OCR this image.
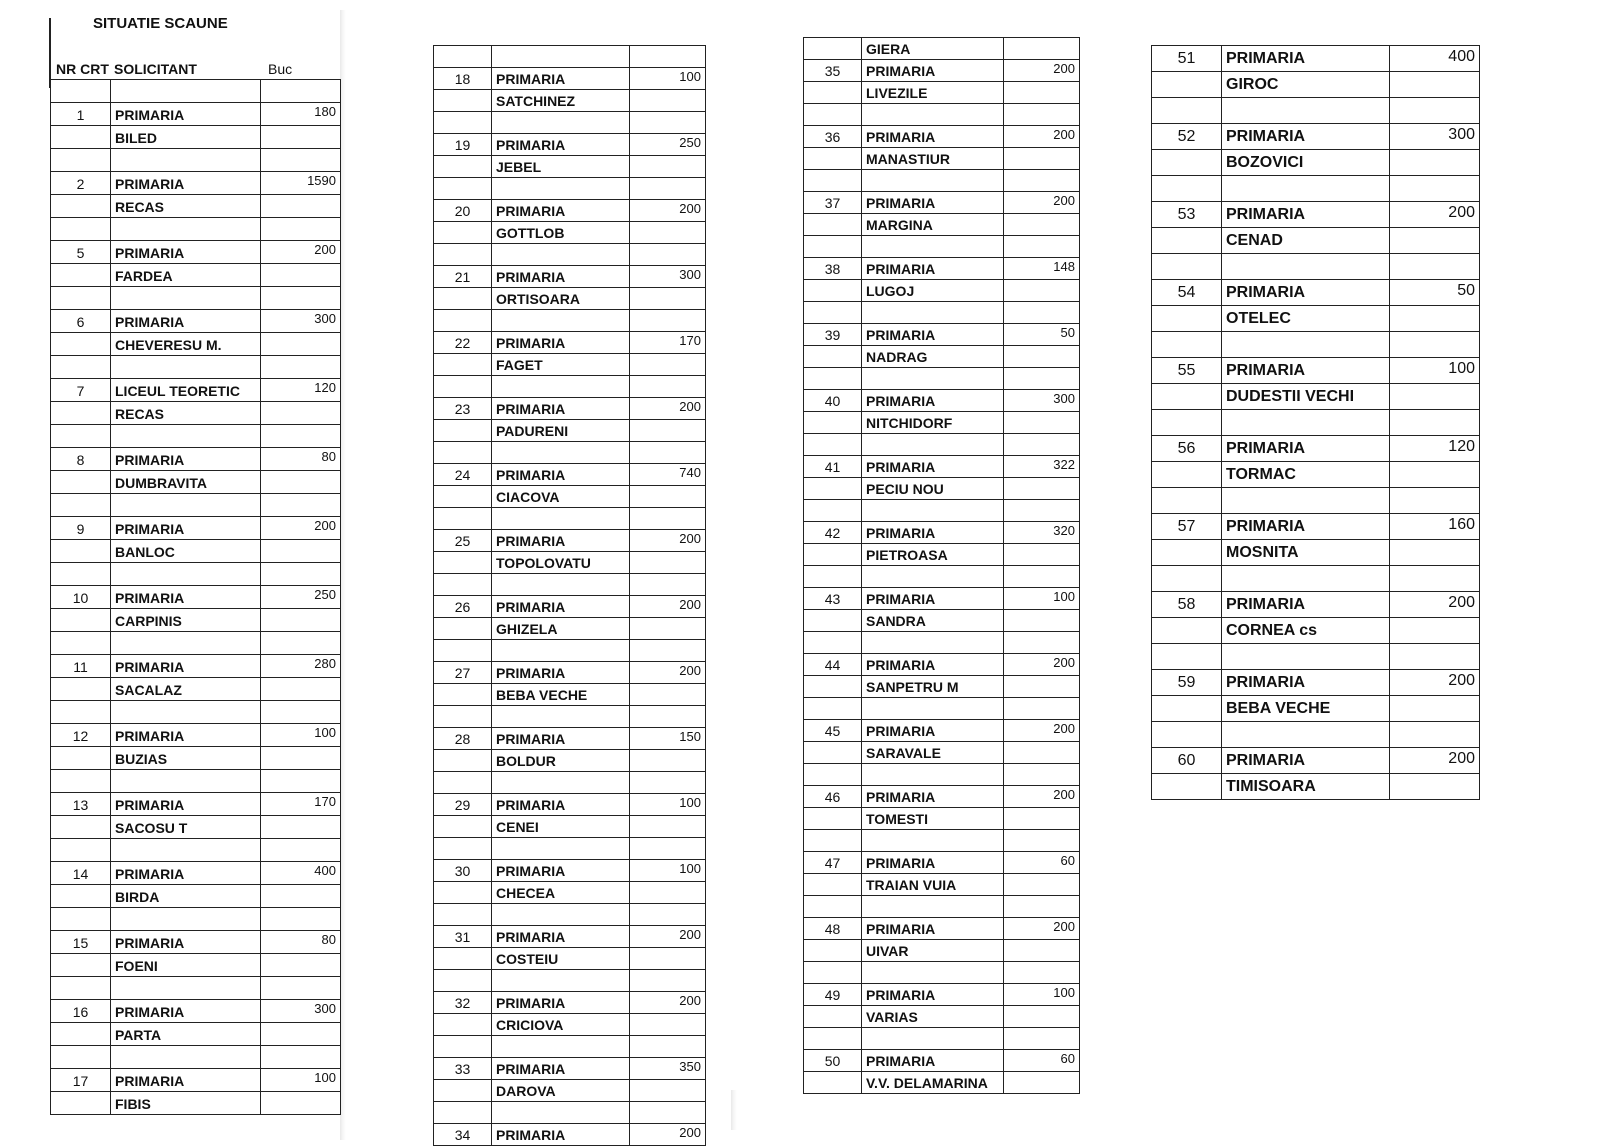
SITUATIE SCAUNE
NR CRT SOLICITANT	Buc

1	PRIMARIA	180
	BILED	

2	PRIMARIA	1590
	RECAS	

5	PRIMARIA	200
	FARDEA	

6	PRIMARIA	300
	CHEVERESU M.	

7	LICEUL TEORETIC	120
	RECAS	

8	PRIMARIA	80
	DUMBRAVITA	

9	PRIMARIA	200
	BANLOC	

10	PRIMARIA	250
	CARPINIS	

11	PRIMARIA	280
	SACALAZ	

12	PRIMARIA	100
	BUZIAS	

13	PRIMARIA	170
	SACOSU T	

14	PRIMARIA	400
	BIRDA	

15	PRIMARIA	80
	FOENI	

16	PRIMARIA	300
	PARTA	

17	PRIMARIA	100
	FIBIS	

18	PRIMARIA	100
	SATCHINEZ	

19	PRIMARIA	250
	JEBEL	

20	PRIMARIA	200
	GOTTLOB	

21	PRIMARIA	300
	ORTISOARA	

22	PRIMARIA	170
	FAGET	

23	PRIMARIA	200
	PADURENI	

24	PRIMARIA	740
	CIACOVA	

25	PRIMARIA	200
	TOPOLOVATU	

26	PRIMARIA	200
	GHIZELA	

27	PRIMARIA	200
	BEBA VECHE	

28	PRIMARIA	150
	BOLDUR	

29	PRIMARIA	100
	CENEI	

30	PRIMARIA	100
	CHECEA	

31	PRIMARIA	200
	COSTEIU	

32	PRIMARIA	200
	CRICIOVA	

33	PRIMARIA	350
	DAROVA	

34	PRIMARIA	200
	GIERA	
35	PRIMARIA	200
	LIVEZILE	

36	PRIMARIA	200
	MANASTIUR	

37	PRIMARIA	200
	MARGINA	

38	PRIMARIA	148
	LUGOJ	

39	PRIMARIA	50
	NADRAG	

40	PRIMARIA	300
	NITCHIDORF	

41	PRIMARIA	322
	PECIU NOU	

42	PRIMARIA	320
	PIETROASA	

43	PRIMARIA	100
	SANDRA	

44	PRIMARIA	200
	SANPETRU M	

45	PRIMARIA	200
	SARAVALE	

46	PRIMARIA	200
	TOMESTI	

47	PRIMARIA	60
	TRAIAN VUIA	

48	PRIMARIA	200
	UIVAR	

49	PRIMARIA	100
	VARIAS	

50	PRIMARIA	60
	V.V. DELAMARINA	
51	PRIMARIA	400
	GIROC	

52	PRIMARIA	300
	BOZOVICI	

53	PRIMARIA	200
	CENAD	

54	PRIMARIA	50
	OTELEC	

55	PRIMARIA	100
	DUDESTII VECHI	

56	PRIMARIA	120
	TORMAC	

57	PRIMARIA	160
	MOSNITA	

58	PRIMARIA	200
	CORNEA cs	

59	PRIMARIA	200
	BEBA VECHE	

60	PRIMARIA	200
	TIMISOARA	
